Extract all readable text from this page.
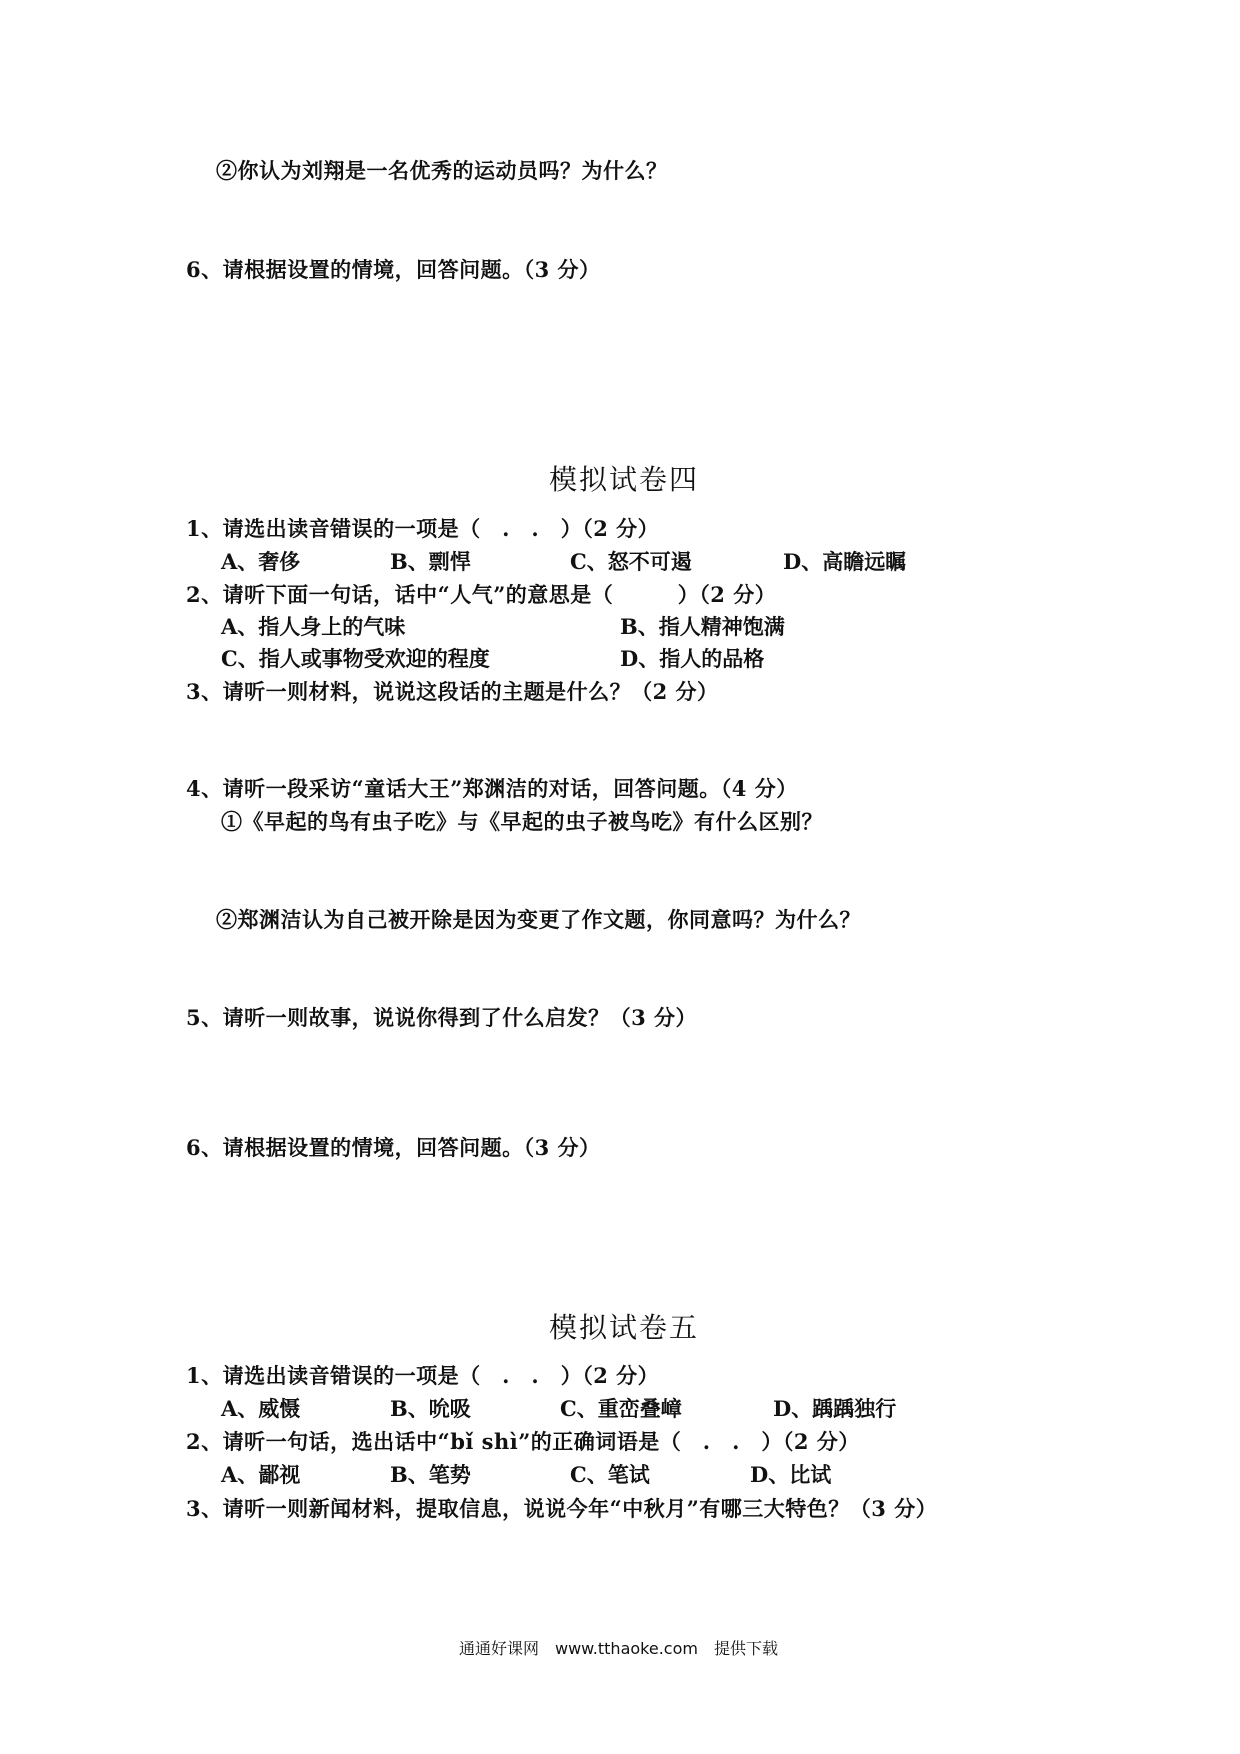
②你认为刘翔是一名优秀的运动员吗？为什么？
6、请根据设置的情境，回答问题。（3 分）
模拟试卷四
1、请选出读音错误的一项是（　.　.　）（2 分）
A、奢侈	B、剽悍	C、怒不可遏	D、高瞻远瞩
2、请听下面一句话，话中“人气”的意思是（　　　）（2 分）
A、指人身上的气味	B、指人精神饱满
C、指人或事物受欢迎的程度	D、指人的品格
3、请听一则材料，说说这段话的主题是什么？（2 分）
4、请听一段采访“童话大王”郑渊洁的对话，回答问题。（4 分）
①《早起的鸟有虫子吃》与《早起的虫子被鸟吃》有什么区别？
②郑渊洁认为自己被开除是因为变更了作文题，你同意吗？为什么？
5、请听一则故事，说说你得到了什么启发？（3 分）
6、请根据设置的情境，回答问题。（3 分）
模拟试卷五
1、请选出读音错误的一项是（　.　.　）（2 分）
A、威慑	B、吮吸	C、重峦叠嶂	D、踽踽独行
2、请听一句话，选出话中“bǐ shì”的正确词语是（　.　.　）（2 分）
A、鄙视	B、笔势	C、笔试	D、比试
3、请听一则新闻材料，提取信息，说说今年“中秋月”有哪三大特色？（3 分）
通通好课网　www.tthaoke.com　提供下载
